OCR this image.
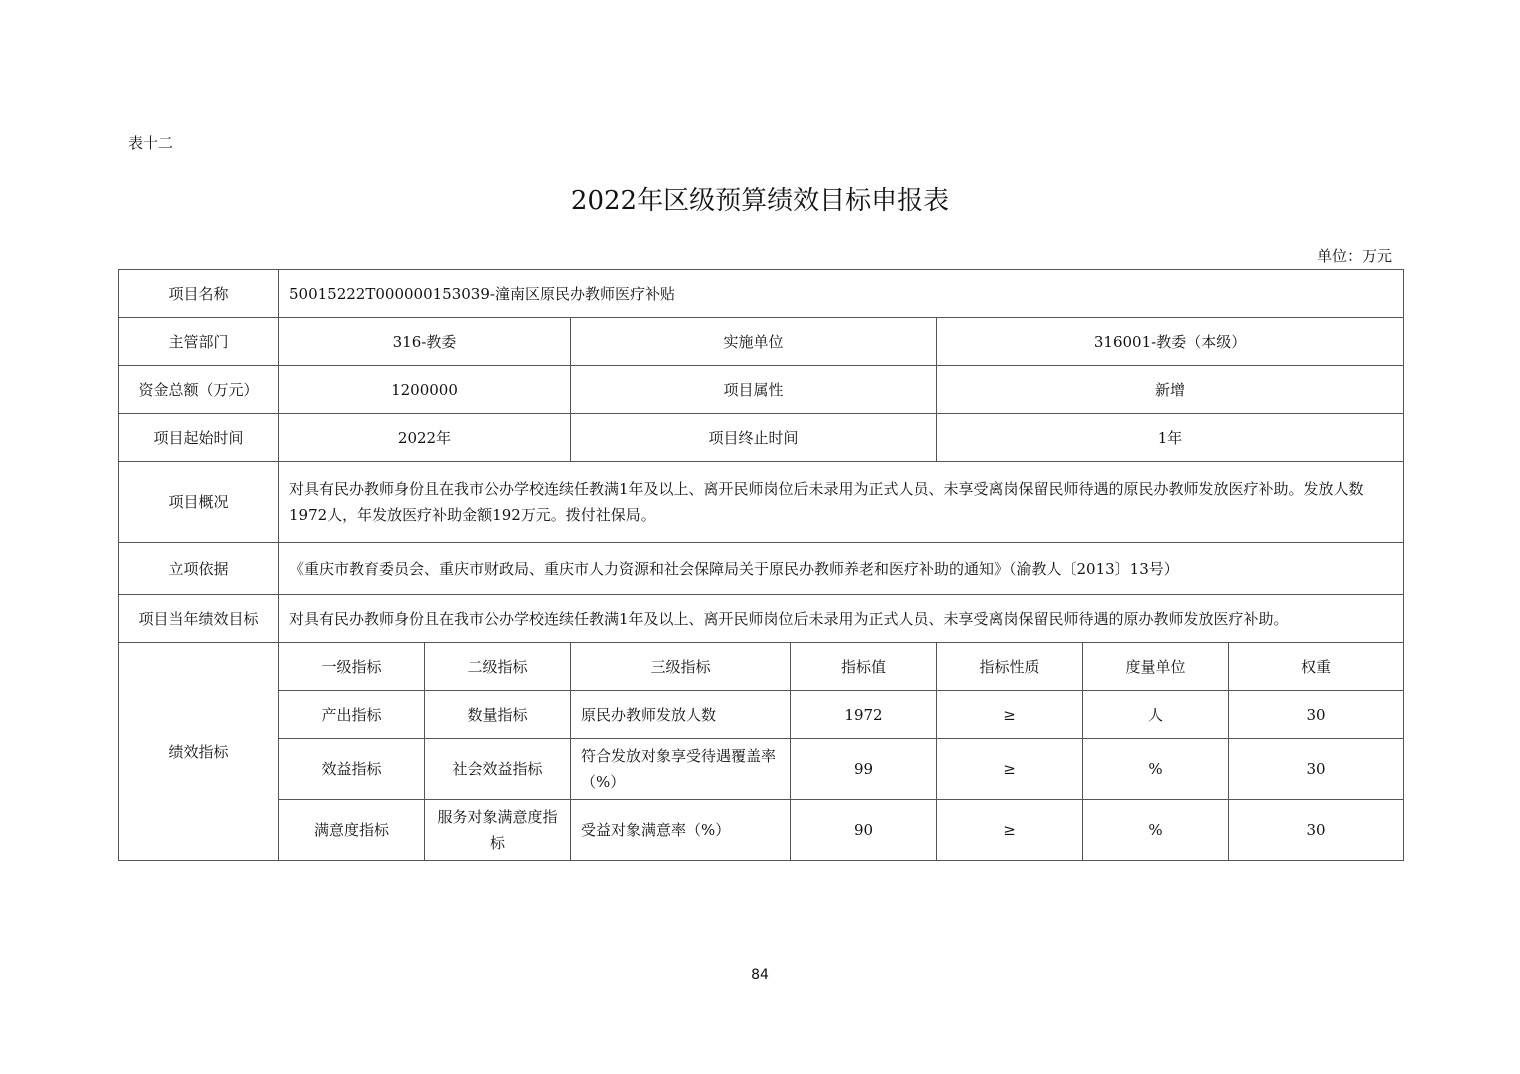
表十二
2022年区级预算绩效目标申报表
单位：万元
项目名称	50015222T000000153039-潼南区原民办教师医疗补贴						
主管部门	316-教委		实施单位		316001-教委（本级）		
资金总额（万元）	1200000		项目属性		新增		
项目起始时间	2022年		项目终止时间		1年		
项目概况	对具有民办教师身份且在我市公办学校连续任教满1年及以上、离开民师岗位后未录用为正式人员、未享受离岗保留民师待遇的原民办教师发放医疗补助。发放人数1972人，年发放医疗补助金额192万元。拨付社保局。						
立项依据	《重庆市教育委员会、重庆市财政局、重庆市人力资源和社会保障局关于原民办教师养老和医疗补助的通知》（渝教人〔2013〕13号）						
项目当年绩效目标	对具有民办教师身份且在我市公办学校连续任教满1年及以上、离开民师岗位后未录用为正式人员、未享受离岗保留民师待遇的原办教师发放医疗补助。						
绩效指标	一级指标	二级指标	三级指标	指标值	指标性质	度量单位	权重
	产出指标	数量指标	原民办教师发放人数	1972	≥	人	30
	效益指标	社会效益指标	符合发放对象享受待遇覆盖率（%）	99	≥	%	30
	满意度指标	服务对象满意度指标	受益对象满意率（%）	90	≥	%	30
84
